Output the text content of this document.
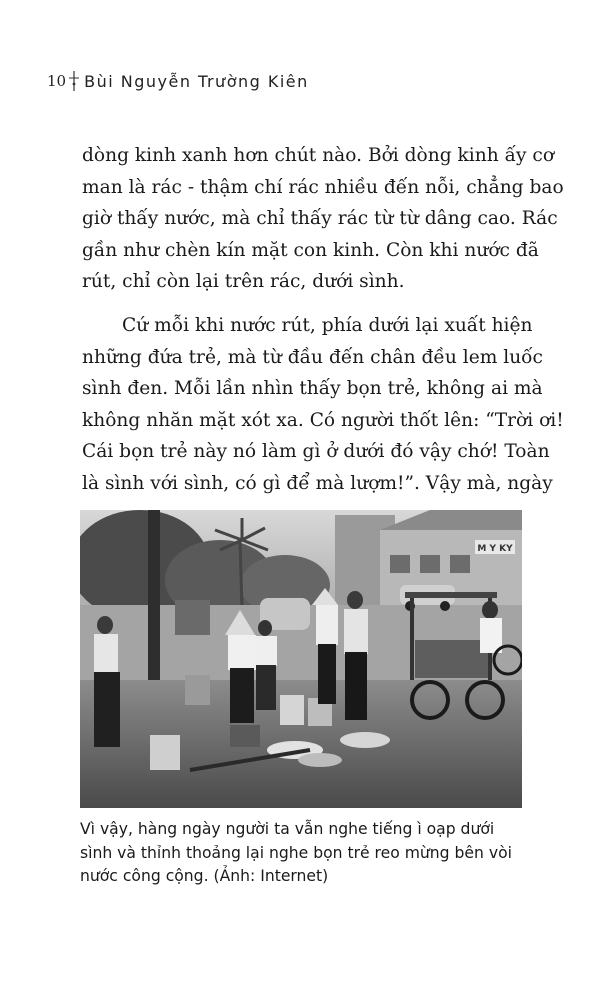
10 Bùi Nguyễn Trường Kiên
dòng kinh xanh hơn chút nào. Bởi dòng kinh ấy cơ
man là rác - thậm chí rác nhiều đến nỗi, chẳng bao
giờ thấy nước, mà chỉ thấy rác từ từ dâng cao. Rác
gần như chèn kín mặt con kinh. Còn khi nước đã
rút, chỉ còn lại trên rác, dưới sình.
Cứ mỗi khi nước rút, phía dưới lại xuất hiện
những đứa trẻ, mà từ đầu đến chân đều lem luốc
sình đen. Mỗi lần nhìn thấy bọn trẻ, không ai mà
không nhăn mặt xót xa. Có người thốt lên: “Trời ơi!
Cái bọn trẻ này nó làm gì ở dưới đó vậy chớ! Toàn
là sình với sình, có gì để mà lượm!”. Vậy mà, ngày
M Y KY
Vì vậy, hàng ngày người ta vẫn nghe tiếng ì oạp dưới
sình và thỉnh thoảng lại nghe bọn trẻ reo mừng bên vòi
nước công cộng. (Ảnh: Internet)
